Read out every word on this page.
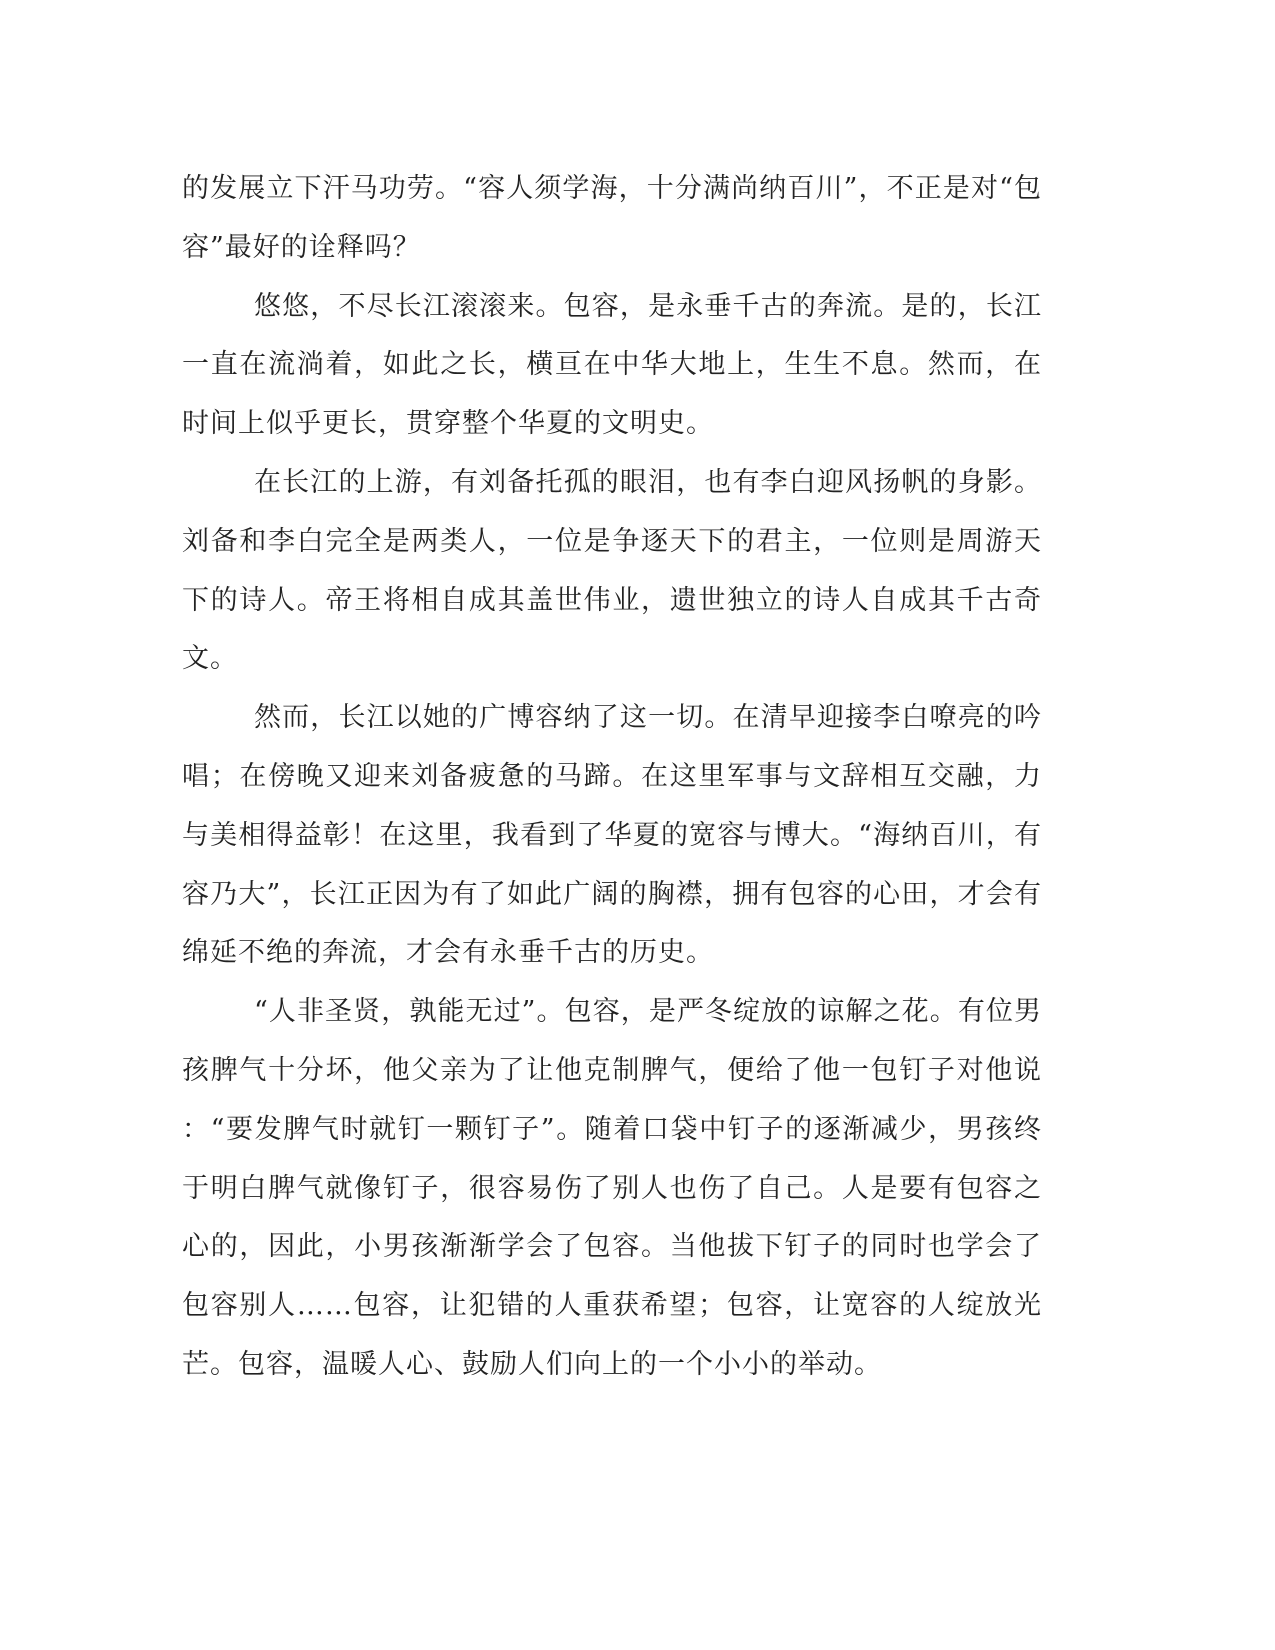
的发展立下汗马功劳。“容人须学海，十分满尚纳百川”，不正是对“包
容”最好的诠释吗？
悠悠，不尽长江滚滚来。包容，是永垂千古的奔流。是的，长江
一直在流淌着，如此之长，横亘在中华大地上，生生不息。然而，在
时间上似乎更长，贯穿整个华夏的文明史。
在长江的上游，有刘备托孤的眼泪，也有李白迎风扬帆的身影。
刘备和李白完全是两类人，一位是争逐天下的君主，一位则是周游天
下的诗人。帝王将相自成其盖世伟业，遗世独立的诗人自成其千古奇
文。
然而，长江以她的广博容纳了这一切。在清早迎接李白嘹亮的吟
唱；在傍晚又迎来刘备疲惫的马蹄。在这里军事与文辞相互交融，力
与美相得益彰！在这里，我看到了华夏的宽容与博大。“海纳百川，有
容乃大”，长江正因为有了如此广阔的胸襟，拥有包容的心田，才会有
绵延不绝的奔流，才会有永垂千古的历史。
“人非圣贤，孰能无过”。包容，是严冬绽放的谅解之花。有位男
孩脾气十分坏，他父亲为了让他克制脾气，便给了他一包钉子对他说
：“要发脾气时就钉一颗钉子”。随着口袋中钉子的逐渐减少，男孩终
于明白脾气就像钉子，很容易伤了别人也伤了自己。人是要有包容之
心的，因此，小男孩渐渐学会了包容。当他拔下钉子的同时也学会了
包容别人……包容，让犯错的人重获希望；包容，让宽容的人绽放光
芒。包容，温暖人心、鼓励人们向上的一个小小的举动。
